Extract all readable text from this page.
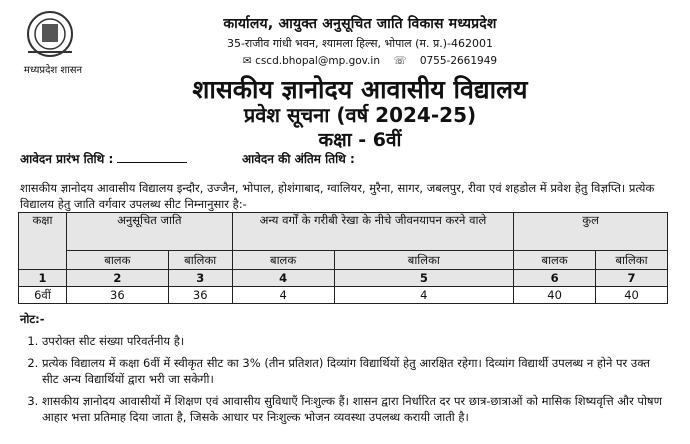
मध्यप्रदेश शासन
कार्यालय, आयुक्त अनुसूचित जाति विकास मध्यप्रदेश
35-राजीव गांधी भवन, श्यामला हिल्स, भोपाल (म. प्र.)-462001
✉ cscd.bhopal@mp.gov.in ☏ 0755-2661949
शासकीय ज्ञानोदय आवासीय विद्यालय
प्रवेश सूचना (वर्ष 2024-25)
कक्षा - 6वीं
आवेदन प्रारंभ तिथि :	आवेदन की अंतिम तिथि :
शासकीय ज्ञानोदय आवासीय विद्यालय इन्दौर, उज्जैन, भोपाल, होशंगाबाद, ग्वालियर, मुरैना, सागर, जबलपुर, रीवा एवं शहडोल में प्रवेश हेतु विज्ञप्ति। प्रत्येक विद्यालय हेतु जाति वर्गवार उपलब्ध सीट निम्नानुसार है:-
कक्षा	अनुसूचित जाति		अन्य वर्गों के गरीबी रेखा के नीचे जीवनयापन करने वाले		कुल	
	बालक	बालिका	बालक	बालिका	बालक	बालिका
1	2	3	4	5	6	7
6वीं	36	36	4	4	40	40
नोट:-
1. उपरोक्त सीट संख्या परिवर्तनीय है।
2. प्रत्येक विद्यालय में कक्षा 6वीं में स्वीकृत सीट का 3% (तीन प्रतिशत) दिव्यांग विद्यार्थियों हेतु आरक्षित रहेगा। दिव्यांग विद्यार्थी उपलब्ध न होने पर उक्त सीट अन्य विद्यार्थियों द्वारा भरी जा सकेगी।
3. शासकीय ज्ञानोदय आवासीयों में शिक्षण एवं आवासीय सुविधाएँ निःशुल्क हैं। शासन द्वारा निर्धारित दर पर छात्र-छात्राओं को मासिक शिष्यवृत्ति और पोषण आहार भत्ता प्रतिमाह दिया जाता है, जिसके आधार पर निःशुल्क भोजन व्यवस्था उपलब्ध करायी जाती है।
